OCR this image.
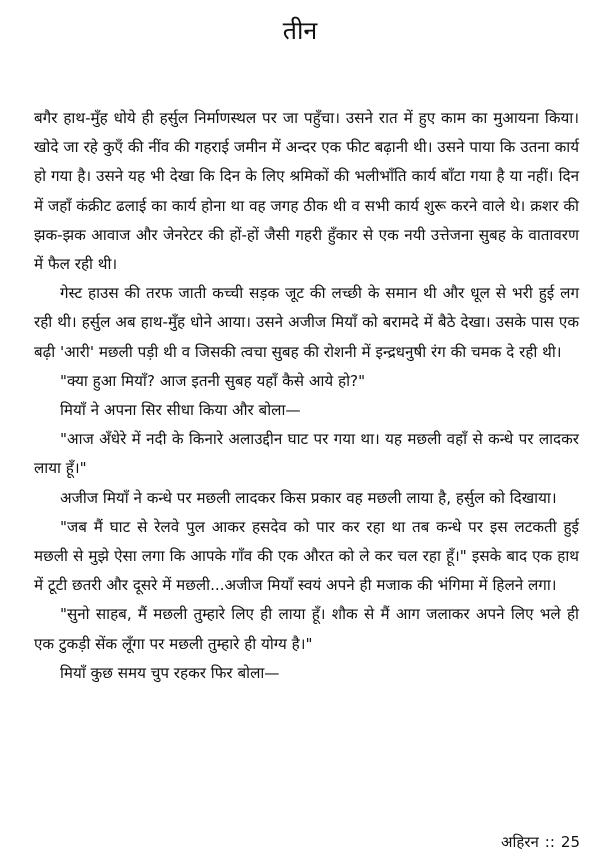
तीन

बगैर हाथ-मुँह धोये ही हर्सुल निर्माणस्थल पर जा पहुँचा। उसने रात में हुए काम का मुआयना किया। खोदे जा रहे कुएँ की नींव की गहराई जमीन में अन्दर एक फीट बढ़ानी थी। उसने पाया कि उतना कार्य हो गया है। उसने यह भी देखा कि दिन के लिए श्रमिकों की भलीभाँति कार्य बाँटा गया है या नहीं। दिन में जहाँ कंक्रीट ढलाई का कार्य होना था वह जगह ठीक थी व सभी कार्य शुरू करने वाले थे। क्रशर की झक-झक आवाज और जेनरेटर की हों-हों जैसी गहरी हुँकार से एक नयी उत्तेजना सुबह के वातावरण में फैल रही थी।

गेस्ट हाउस की तरफ जाती कच्ची सड़क जूट की लच्छी के समान थी और धूल से भरी हुई लग रही थी। हर्सुल अब हाथ-मुँह धोने आया। उसने अजीज मियाँ को बरामदे में बैठे देखा। उसके पास एक बढ़ी 'आरी' मछली पड़ी थी व जिसकी त्वचा सुबह की रोशनी में इन्द्रधनुषी रंग की चमक दे रही थी।

"क्या हुआ मियाँ? आज इतनी सुबह यहाँ कैसे आये हो?"

मियाँ ने अपना सिर सीधा किया और बोला—

"आज अँधेरे में नदी के किनारे अलाउद्दीन घाट पर गया था। यह मछली वहाँ से कन्धे पर लादकर लाया हूँ।"

अजीज मियाँ ने कन्धे पर मछली लादकर किस प्रकार वह मछली लाया है, हर्सुल को दिखाया।

"जब मैं घाट से रेलवे पुल आकर हसदेव को पार कर रहा था तब कन्धे पर इस लटकती हुई मछली से मुझे ऐसा लगा कि आपके गाँव की एक औरत को ले कर चल रहा हूँ।" इसके बाद एक हाथ में टूटी छतरी और दूसरे में मछली...अजीज मियाँ स्वयं अपने ही मजाक की भंगिमा में हिलने लगा।

"सुनो साहब, मैं मछली तुम्हारे लिए ही लाया हूँ। शौक से मैं आग जलाकर अपने लिए भले ही एक टुकड़ी सेंक लूँगा पर मछली तुम्हारे ही योग्य है।"

मियाँ कुछ समय चुप रहकर फिर बोला—

अहिरन :: 25
